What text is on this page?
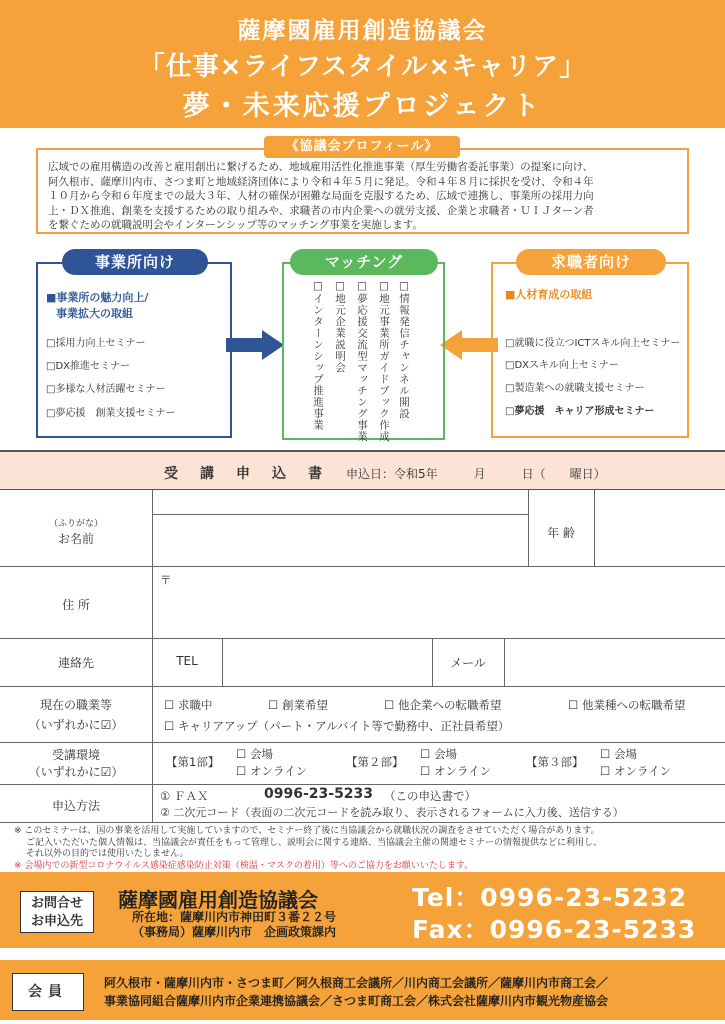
薩摩國雇用創造協議会
「仕事×ライフスタイル×キャリア」
夢・未来応援プロジェクト
《協議会プロフィール》
広域での雇用構造の改善と雇用創出に繋げるため、地域雇用活性化推進事業（厚生労働省委託事業）の提案に向け、
阿久根市、薩摩川内市、さつま町と地域経済団体により令和４年５月に発足。令和４年８月に採択を受け、令和４年
１０月から令和６年度までの最大３年、人材の確保が困難な局面を克服するため、広域で連携し、事業所の採用力向
上・ＤＸ推進、創業を支援するための取り組みや、求職者の市内企業への就労支援、企業と求職者・ＵＩＪターン者
を繋ぐための就職説明会やインターンシップ等のマッチング事業を実施します。
事業所向け
■事業所の魅力向上/
事業拡大の取組
□採用力向上セミナー
□DX推進セミナー
□多様な人材活躍セミナー
□夢応援　創業支援セミナー
マッチング
□情報発信チャンネル開設
□地元事業所ガイドブック作成
□夢応援交流型マッチング事業
□地元企業説明会
□インターンシップ推進事業
求職者向け
■人材育成の取組
□就職に役立つICTスキル向上セミナー
□DXスキル向上セミナー
□製造業への就職支援セミナー
□夢応援　キャリア形成セミナー
受講申込書 申込日：令和5年　　　月　　　日（　　曜日）
（ふりがな）
お名前	年 齢
住 所
〒
連絡先	TEL	メール
現在の職業等
（いずれかに☑）
☐ 求職中	☐ 創業希望	☐ 他企業への転職希望	☐ 他業種への転職希望
☐ キャリアアップ（パート・アルバイト等で勤務中、正社員希望）
受講環境
（いずれかに☑）
【第1部】
☐ 会場
☐ オンライン
【第２部】
☐ 会場
☐ オンライン
【第３部】
☐ 会場
☐ オンライン
申込方法
① ＦＡＸ	0996-23-5233 （この申込書で）
② 二次元コード（表面の二次元コードを読み取り、表示されるフォームに入力後、送信する）
※ このセミナーは、国の事業を活用して実施していますので、セミナー終了後に当協議会から就職状況の調査をさせていただく場合があります。
ご記入いただいた個人情報は、当協議会が責任をもって管理し、説明会に関する連絡、当協議会主催の関連セミナーの情報提供などに利用し、
それ以外の目的では使用いたしません。
※ 会場内での新型コロナウイルス感染症感染防止対策（検温・マスクの着用）等へのご協力をお願いいたします。
お問合せ
お申込先
薩摩國雇用創造協議会
所在地：薩摩川内市神田町３番２２号
（事務局）薩摩川内市　企画政策課内
Tel：0996-23-5232
Fax：0996-23-5233
会員
阿久根市・薩摩川内市・さつま町／阿久根商工会議所／川内商工会議所／薩摩川内市商工会／
事業協同組合薩摩川内市企業連携協議会／さつま町商工会／株式会社薩摩川内市観光物産協会
